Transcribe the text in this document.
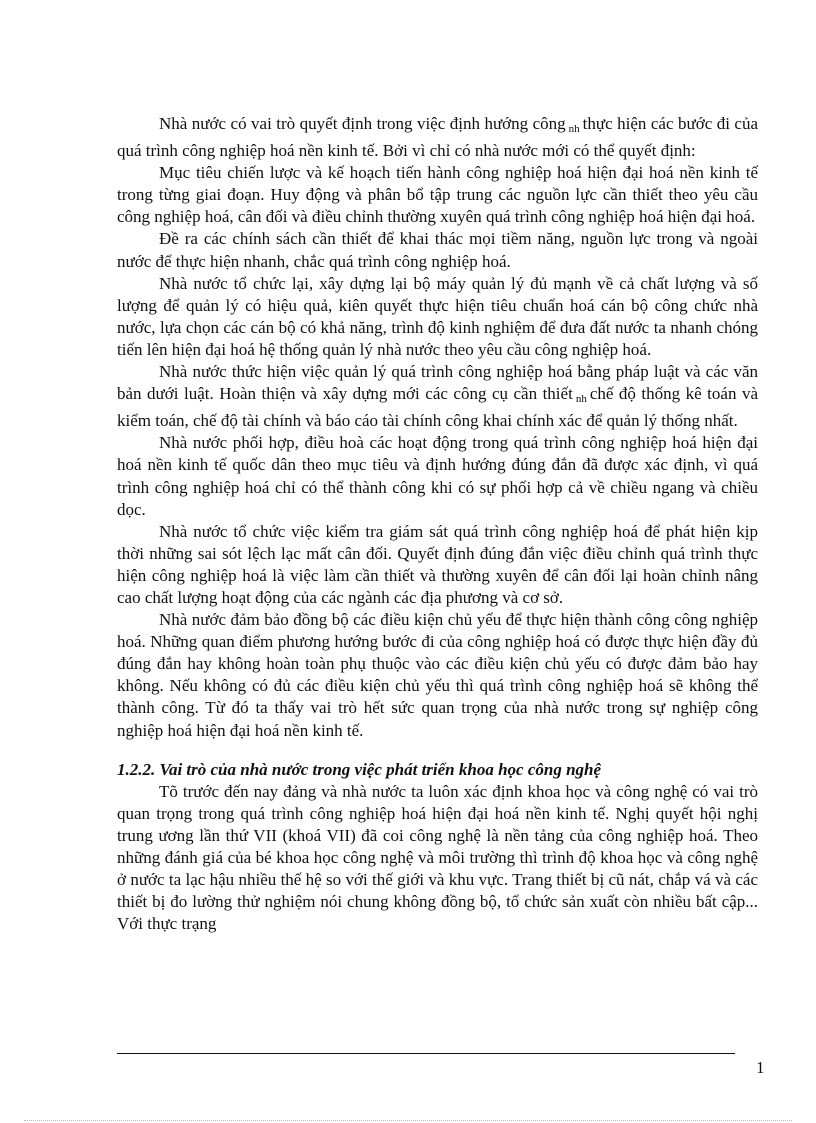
Nhà nước có vai trò quyết định trong việc định hướng công $_{nh}$ thực hiện các bước đi của quá trình công nghiệp hoá nền kinh tế. Bởi vì chỉ có nhà nước mới có thể quyết định:

Mục tiêu chiến lược và kế hoạch tiến hành công nghiệp hoá hiện đại hoá nền kinh tế trong từng giai đoạn. Huy động và phân bổ tập trung các nguồn lực cần thiết theo yêu cầu công nghiệp hoá, cân đối và điều chỉnh thường xuyên quá trình công nghiệp hoá hiện đại hoá.

Đề ra các chính sách cần thiết để khai thác mọi tiềm năng, nguồn lực trong và ngoài nước để thực hiện nhanh, chắc quá trình công nghiệp hoá.

Nhà nước tổ chức lại, xây dựng lại bộ máy quản lý đủ mạnh về cả chất lượng và số lượng để quản lý có hiệu quả, kiên quyết thực hiện tiêu chuẩn hoá cán bộ công chức nhà nước, lựa chọn các cán bộ có khả năng, trình độ kinh nghiệm để đưa đất nước ta nhanh chóng tiến lên hiện đại hoá hệ thống quản lý nhà nước theo yêu cầu công nghiệp hoá.

Nhà nước thức hiện việc quản lý quá trình công nghiệp hoá bằng pháp luật và các văn bản dưới luật. Hoàn thiện và xây dựng mới các công cụ cần thiết $_{nh}$ chế độ thống kê toán và kiểm toán, chế độ tài chính và báo cáo tài chính công khai chính xác để quản lý thống nhất.

Nhà nước phối hợp, điều hoà các hoạt động trong quá trình công nghiệp hoá hiện đại hoá nền kinh tế quốc dân theo mục tiêu và định hướng đúng đắn đã được xác định, vì quá trình công nghiệp hoá chỉ có thể thành công khi có sự phối hợp cả về chiều ngang và chiều dọc.

Nhà nước tổ chức việc kiểm tra giám sát quá trình công nghiệp hoá để phát hiện kịp thời những sai sót lệch lạc mất cân đối. Quyết định đúng đắn việc điều chỉnh quá trình thực hiện công nghiệp hoá là việc làm cần thiết và thường xuyên để cân đối lại hoàn chỉnh nâng cao chất lượng hoạt động của các ngành các địa phương và cơ sở.

Nhà nước đảm bảo đồng bộ các điều kiện chủ yếu để thực hiện thành công công nghiệp hoá. Những quan điểm phương hướng bước đi của công nghiệp hoá có được thực hiện đầy đủ đúng đắn hay không hoàn toàn phụ thuộc vào các điều kiện chủ yếu có được đảm bảo hay không. Nếu không có đủ các điều kiện chủ yếu thì quá trình công nghiệp hoá sẽ không thể thành công. Từ đó ta thấy vai trò hết sức quan trọng của nhà nước trong sự nghiệp công nghiệp hoá hiện đại hoá nền kinh tế.

1.2.2. Vai trò của nhà nước trong việc phát triển khoa học công nghệ

Tõ trước đến nay đảng và nhà nước ta luôn xác định khoa học và công nghệ có vai trò quan trọng trong quá trình công nghiệp hoá hiện đại hoá nền kinh tế. Nghị quyết hội nghị trung ương lần thứ VII (khoá VII) đã coi công nghệ là nền tảng của công nghiệp hoá. Theo những đánh giá của bé khoa học công nghệ và môi trường thì trình độ khoa học và công nghệ ở nước ta lạc hậu nhiều thế hệ so với thế giới và khu vực. Trang thiết bị cũ nát, chắp vá và các thiết bị đo lường thử nghiệm nói chung không đồng bộ, tổ chức sản xuất còn nhiều bất cập... Với thực trạng

1
